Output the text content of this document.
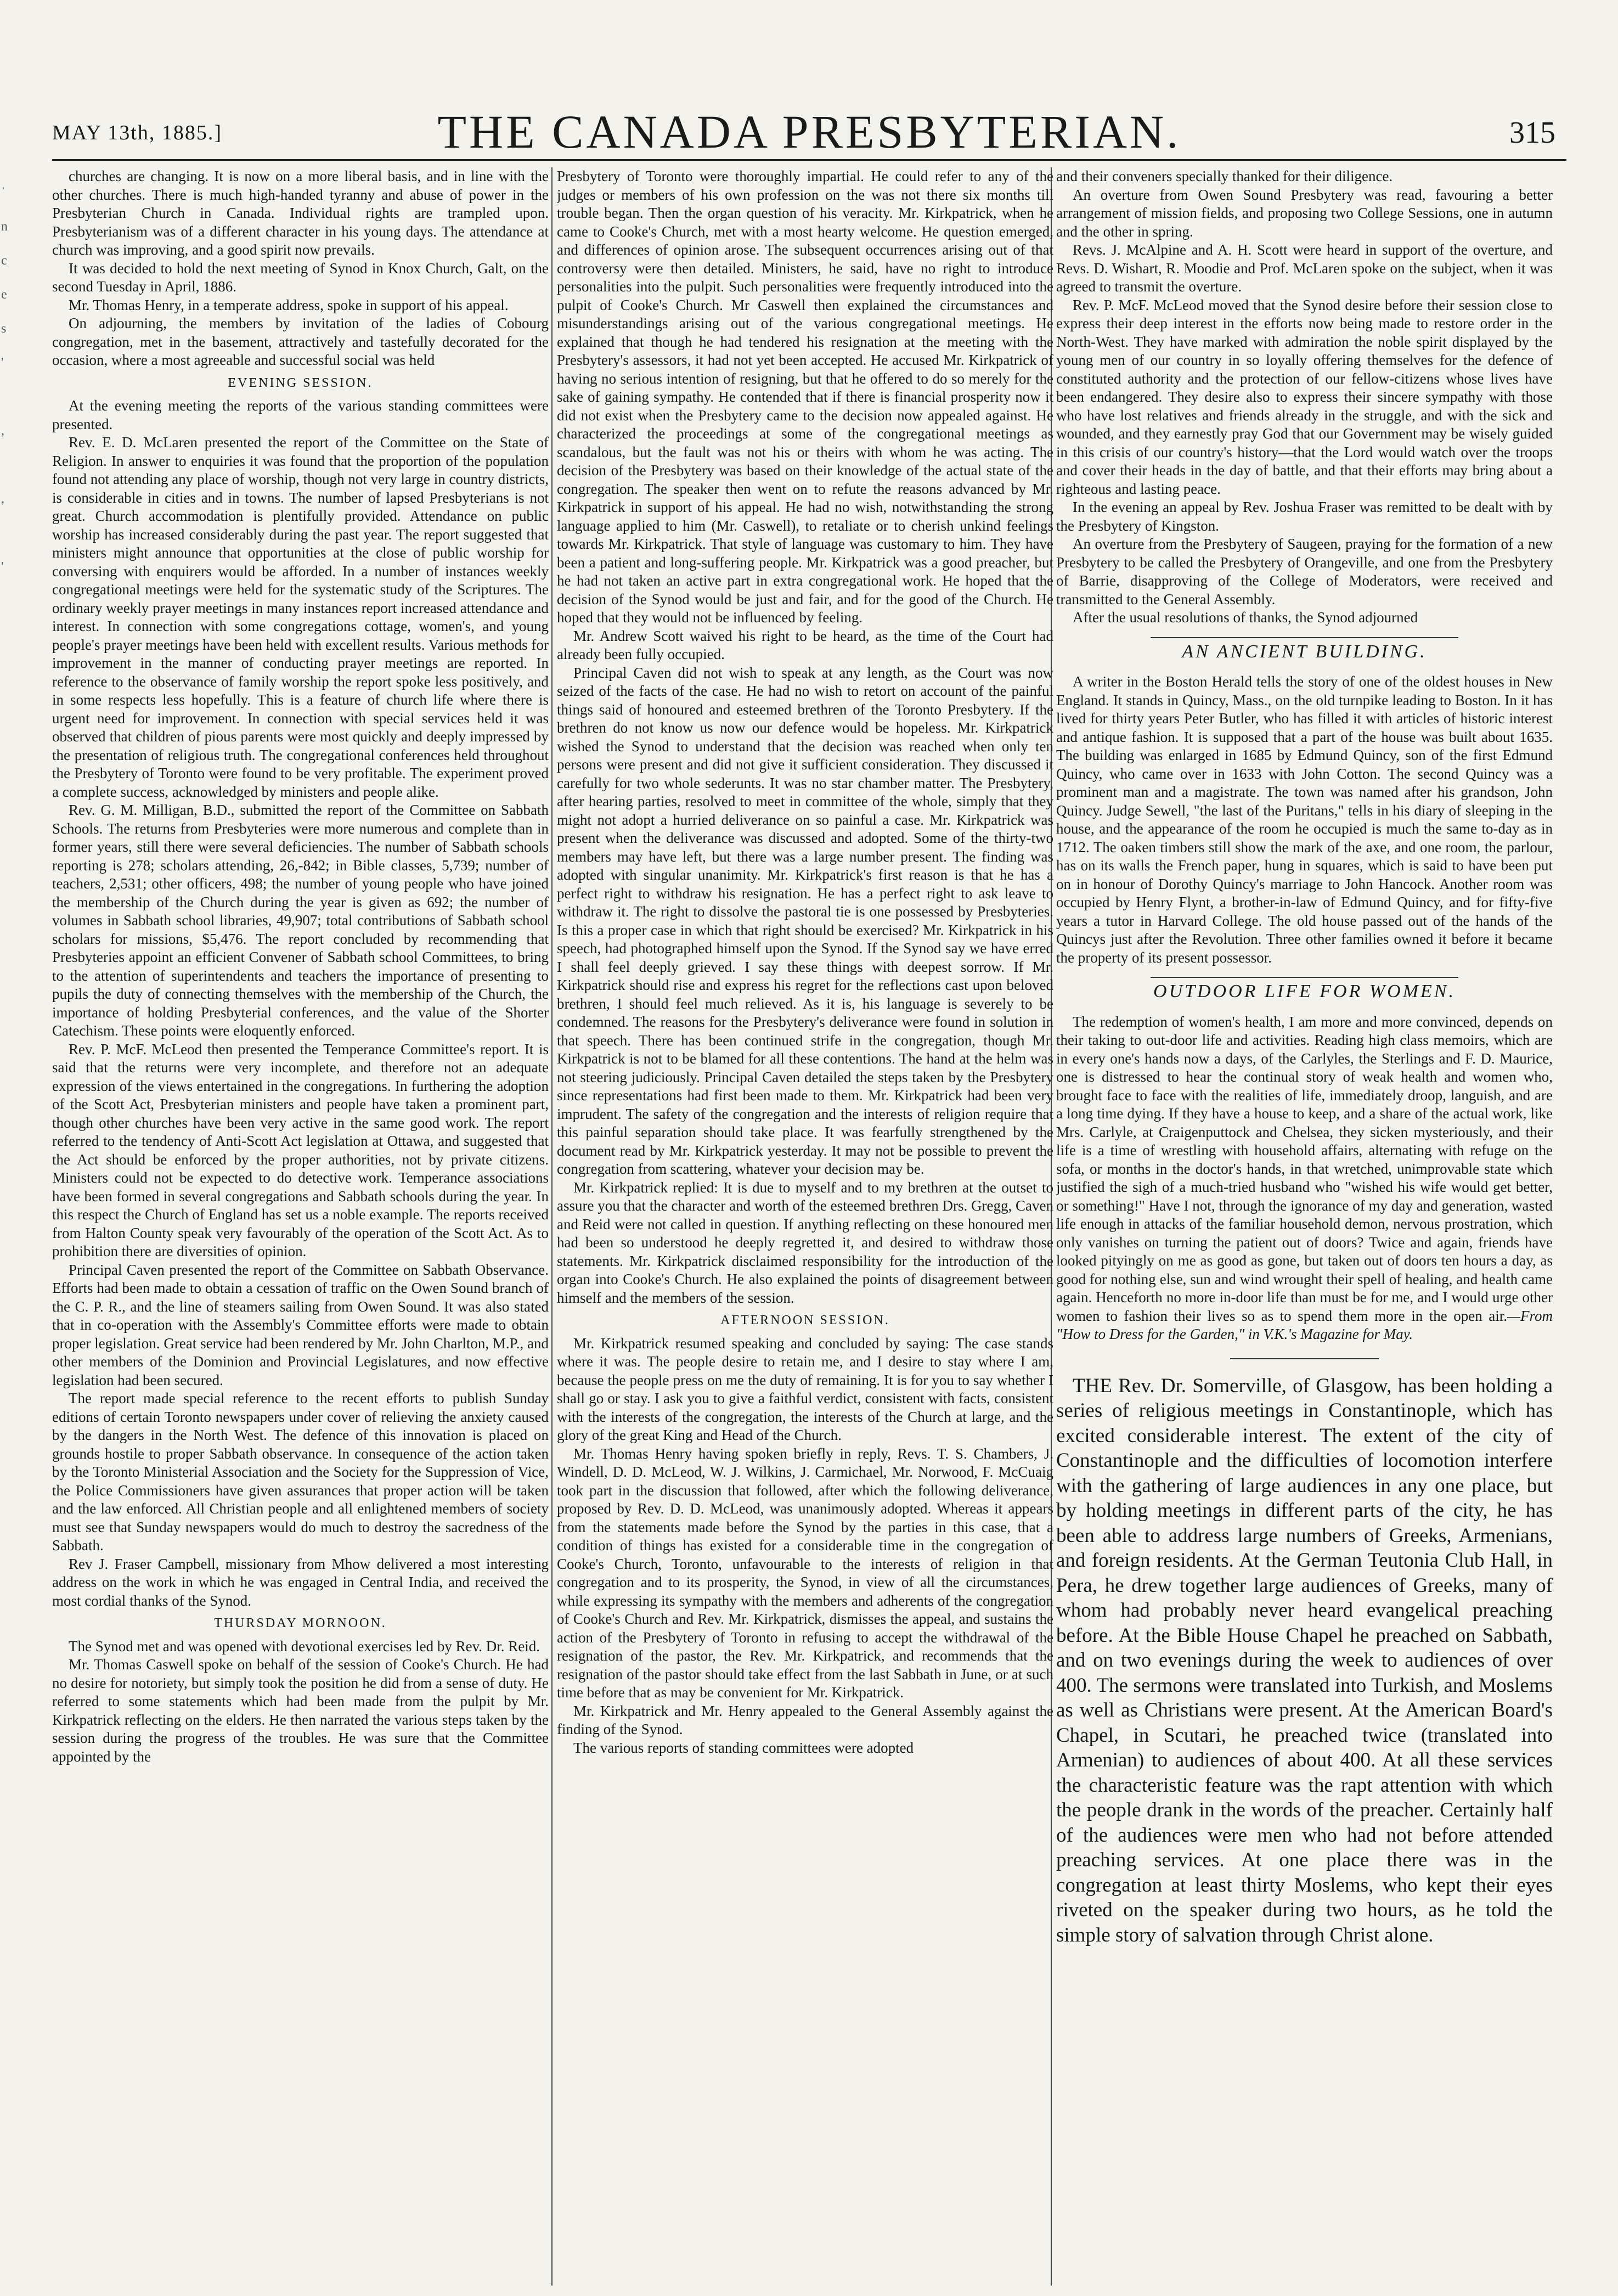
MAY 13th, 1885.]	THE CANADA PRESBYTERIAN.	315
ˈ
n
c
e
s
'

,

,

'

churches are changing. It is now on a more liberal basis, and in line with the other churches. There is much high-handed tyranny and abuse of power in the Presbyterian Church in Canada. Individual rights are trampled upon. Presbyterianism was of a different character in his young days. The attendance at church was improving, and a good spirit now prevails.

It was decided to hold the next meeting of Synod in Knox Church, Galt, on the second Tuesday in April, 1886.

Mr. Thomas Henry, in a temperate address, spoke in support of his appeal.

On adjourning, the members by invitation of the ladies of Cobourg congregation, met in the basement, attractively and tastefully decorated for the occasion, where a most agreeable and successful social was held

EVENING SESSION.

At the evening meeting the reports of the various standing committees were presented.

Rev. E. D. McLaren presented the report of the Committee on the State of Religion. In answer to enquiries it was found that the proportion of the population found not attending any place of worship, though not very large in country districts, is considerable in cities and in towns. The number of lapsed Presbyterians is not great. Church accommodation is plentifully provided. Attendance on public worship has increased considerably during the past year. The report suggested that ministers might announce that opportunities at the close of public worship for conversing with enquirers would be afforded. In a number of instances weekly congregational meetings were held for the systematic study of the Scriptures. The ordinary weekly prayer meetings in many instances report increased attendance and interest. In connection with some congregations cottage, women's, and young people's prayer meetings have been held with excellent results. Various methods for improvement in the manner of conducting prayer meetings are reported. In reference to the observance of family worship the report spoke less positively, and in some respects less hopefully. This is a feature of church life where there is urgent need for improvement. In connection with special services held it was observed that children of pious parents were most quickly and deeply impressed by the presentation of religious truth. The congregational conferences held throughout the Presbytery of Toronto were found to be very profitable. The experiment proved a complete success, acknowledged by ministers and people alike.

Rev. G. M. Milligan, B.D., submitted the report of the Committee on Sabbath Schools. The returns from Presbyteries were more numerous and complete than in former years, still there were several deficiencies. The number of Sabbath schools reporting is 278; scholars attending, 26,-842; in Bible classes, 5,739; number of teachers, 2,531; other officers, 498; the number of young people who have joined the membership of the Church during the year is given as 692; the number of volumes in Sabbath school libraries, 49,907; total contributions of Sabbath school scholars for missions, $5,476. The report concluded by recommending that Presbyteries appoint an efficient Convener of Sabbath school Committees, to bring to the attention of superintendents and teachers the importance of presenting to pupils the duty of connecting themselves with the membership of the Church, the importance of holding Presbyterial conferences, and the value of the Shorter Catechism. These points were eloquently enforced.

Rev. P. McF. McLeod then presented the Temperance Committee's report. It is said that the returns were very incomplete, and therefore not an adequate expression of the views entertained in the congregations. In furthering the adoption of the Scott Act, Presbyterian ministers and people have taken a prominent part, though other churches have been very active in the same good work. The report referred to the tendency of Anti-Scott Act legislation at Ottawa, and suggested that the Act should be enforced by the proper authorities, not by private citizens. Ministers could not be expected to do detective work. Temperance associations have been formed in several congregations and Sabbath schools during the year. In this respect the Church of England has set us a noble example. The reports received from Halton County speak very favourably of the operation of the Scott Act. As to prohibition there are diversities of opinion.

Principal Caven presented the report of the Committee on Sabbath Observance. Efforts had been made to obtain a cessation of traffic on the Owen Sound branch of the C. P. R., and the line of steamers sailing from Owen Sound. It was also stated that in co-operation with the Assembly's Committee efforts were made to obtain proper legislation. Great service had been rendered by Mr. John Charlton, M.P., and other members of the Dominion and Provincial Legislatures, and now effective legislation had been secured.

The report made special reference to the recent efforts to publish Sunday editions of certain Toronto newspapers under cover of relieving the anxiety caused by the dangers in the North West. The defence of this innovation is placed on grounds hostile to proper Sabbath observance. In consequence of the action taken by the Toronto Ministerial Association and the Society for the Suppression of Vice, the Police Commissioners have given assurances that proper action will be taken and the law enforced. All Christian people and all enlightened members of society must see that Sunday newspapers would do much to destroy the sacredness of the Sabbath.

Rev J. Fraser Campbell, missionary from Mhow delivered a most interesting address on the work in which he was engaged in Central India, and received the most cordial thanks of the Synod.

THURSDAY MORNOON.

The Synod met and was opened with devotional exercises led by Rev. Dr. Reid.

Mr. Thomas Caswell spoke on behalf of the session of Cooke's Church. He had no desire for notoriety, but simply took the position he did from a sense of duty. He referred to some statements which had been made from the pulpit by Mr. Kirkpatrick reflecting on the elders. He then narrated the various steps taken by the session during the progress of the troubles. He was sure that the Committee appointed by the

Presbytery of Toronto were thoroughly impartial. He could refer to any of the judges or members of his own profession on the was not there six months till trouble began. Then the organ question of his veracity. Mr. Kirkpatrick, when he came to Cooke's Church, met with a most hearty welcome. He question emerged, and differences of opinion arose. The subsequent occurrences arising out of that controversy were then detailed. Ministers, he said, have no right to introduce personalities into the pulpit. Such personalities were frequently introduced into the pulpit of Cooke's Church. Mr Caswell then explained the circumstances and misunderstandings arising out of the various congregational meetings. He explained that though he had tendered his resignation at the meeting with the Presbytery's assessors, it had not yet been accepted. He accused Mr. Kirkpatrick of having no serious intention of resigning, but that he offered to do so merely for the sake of gaining sympathy. He contended that if there is financial prosperity now it did not exist when the Presbytery came to the decision now appealed against. He characterized the proceedings at some of the congregational meetings as scandalous, but the fault was not his or theirs with whom he was acting. The decision of the Presbytery was based on their knowledge of the actual state of the congregation. The speaker then went on to refute the reasons advanced by Mr. Kirkpatrick in support of his appeal. He had no wish, notwithstanding the strong language applied to him (Mr. Caswell), to retaliate or to cherish unkind feelings towards Mr. Kirkpatrick. That style of language was customary to him. They have been a patient and long-suffering people. Mr. Kirkpatrick was a good preacher, but he had not taken an active part in extra congregational work. He hoped that the decision of the Synod would be just and fair, and for the good of the Church. He hoped that they would not be influenced by feeling.

Mr. Andrew Scott waived his right to be heard, as the time of the Court had already been fully occupied.

Principal Caven did not wish to speak at any length, as the Court was now seized of the facts of the case. He had no wish to retort on account of the painful things said of honoured and esteemed brethren of the Toronto Presbytery. If the brethren do not know us now our defence would be hopeless. Mr. Kirkpatrick wished the Synod to understand that the decision was reached when only ten persons were present and did not give it sufficient consideration. They discussed it carefully for two whole sederunts. It was no star chamber matter. The Presbytery, after hearing parties, resolved to meet in committee of the whole, simply that they might not adopt a hurried deliverance on so painful a case. Mr. Kirkpatrick was present when the deliverance was discussed and adopted. Some of the thirty-two members may have left, but there was a large number present. The finding was adopted with singular unanimity. Mr. Kirkpatrick's first reason is that he has a perfect right to withdraw his resignation. He has a perfect right to ask leave to withdraw it. The right to dissolve the pastoral tie is one possessed by Presbyteries. Is this a proper case in which that right should be exercised? Mr. Kirkpatrick in his speech, had photographed himself upon the Synod. If the Synod say we have erred I shall feel deeply grieved. I say these things with deepest sorrow. If Mr. Kirkpatrick should rise and express his regret for the reflections cast upon beloved brethren, I should feel much relieved. As it is, his language is severely to be condemned. The reasons for the Presbytery's deliverance were found in solution in that speech. There has been continued strife in the congregation, though Mr. Kirkpatrick is not to be blamed for all these contentions. The hand at the helm was not steering judiciously. Principal Caven detailed the steps taken by the Presbytery since representations had first been made to them. Mr. Kirkpatrick had been very imprudent. The safety of the congregation and the interests of religion require that this painful separation should take place. It was fearfully strengthened by the document read by Mr. Kirkpatrick yesterday. It may not be possible to prevent the congregation from scattering, whatever your decision may be.

Mr. Kirkpatrick replied: It is due to myself and to my brethren at the outset to assure you that the character and worth of the esteemed brethren Drs. Gregg, Caven and Reid were not called in question. If anything reflecting on these honoured men had been so understood he deeply regretted it, and desired to withdraw those statements. Mr. Kirkpatrick disclaimed responsibility for the introduction of the organ into Cooke's Church. He also explained the points of disagreement between himself and the members of the session.

AFTERNOON SESSION.

Mr. Kirkpatrick resumed speaking and concluded by saying: The case stands where it was. The people desire to retain me, and I desire to stay where I am, because the people press on me the duty of remaining. It is for you to say whether I shall go or stay. I ask you to give a faithful verdict, consistent with facts, consistent with the interests of the congregation, the interests of the Church at large, and the glory of the great King and Head of the Church.

Mr. Thomas Henry having spoken briefly in reply, Revs. T. S. Chambers, J. Windell, D. D. McLeod, W. J. Wilkins, J. Carmichael, Mr. Norwood, F. McCuaig took part in the discussion that followed, after which the following deliverance, proposed by Rev. D. D. McLeod, was unanimously adopted. Whereas it appears from the statements made before the Synod by the parties in this case, that a condition of things has existed for a considerable time in the congregation of Cooke's Church, Toronto, unfavourable to the interests of religion in that congregation and to its prosperity, the Synod, in view of all the circumstances, while expressing its sympathy with the members and adherents of the congregation of Cooke's Church and Rev. Mr. Kirkpatrick, dismisses the appeal, and sustains the action of the Presbytery of Toronto in refusing to accept the withdrawal of the resignation of the pastor, the Rev. Mr. Kirkpatrick, and recommends that the resignation of the pastor should take effect from the last Sabbath in June, or at such time before that as may be convenient for Mr. Kirkpatrick.

Mr. Kirkpatrick and Mr. Henry appealed to the General Assembly against the finding of the Synod.

The various reports of standing committees were adopted

and their conveners specially thanked for their diligence.

An overture from Owen Sound Presbytery was read, favouring a better arrangement of mission fields, and proposing two College Sessions, one in autumn and the other in spring.

Revs. J. McAlpine and A. H. Scott were heard in support of the overture, and Revs. D. Wishart, R. Moodie and Prof. McLaren spoke on the subject, when it was agreed to transmit the overture.

Rev. P. McF. McLeod moved that the Synod desire before their session close to express their deep interest in the efforts now being made to restore order in the North-West. They have marked with admiration the noble spirit displayed by the young men of our country in so loyally offering themselves for the defence of constituted authority and the protection of our fellow-citizens whose lives have been endangered. They desire also to express their sincere sympathy with those who have lost relatives and friends already in the struggle, and with the sick and wounded, and they earnestly pray God that our Government may be wisely guided in this crisis of our country's history—that the Lord would watch over the troops and cover their heads in the day of battle, and that their efforts may bring about a righteous and lasting peace.

In the evening an appeal by Rev. Joshua Fraser was remitted to be dealt with by the Presbytery of Kingston.

An overture from the Presbytery of Saugeen, praying for the formation of a new Presbytery to be called the Presbytery of Orangeville, and one from the Presbytery of Barrie, disapproving of the College of Moderators, were received and transmitted to the General Assembly.

After the usual resolutions of thanks, the Synod adjourned

AN ANCIENT BUILDING.

A writer in the Boston Herald tells the story of one of the oldest houses in New England. It stands in Quincy, Mass., on the old turnpike leading to Boston. In it has lived for thirty years Peter Butler, who has filled it with articles of historic interest and antique fashion. It is supposed that a part of the house was built about 1635. The building was enlarged in 1685 by Edmund Quincy, son of the first Edmund Quincy, who came over in 1633 with John Cotton. The second Quincy was a prominent man and a magistrate. The town was named after his grandson, John Quincy. Judge Sewell, "the last of the Puritans," tells in his diary of sleeping in the house, and the appearance of the room he occupied is much the same to-day as in 1712. The oaken timbers still show the mark of the axe, and one room, the parlour, has on its walls the French paper, hung in squares, which is said to have been put on in honour of Dorothy Quincy's marriage to John Hancock. Another room was occupied by Henry Flynt, a brother-in-law of Edmund Quincy, and for fifty-five years a tutor in Harvard College. The old house passed out of the hands of the Quincys just after the Revolution. Three other families owned it before it became the property of its present possessor.

OUTDOOR LIFE FOR WOMEN.

The redemption of women's health, I am more and more convinced, depends on their taking to out-door life and activities. Reading high class memoirs, which are in every one's hands now a days, of the Carlyles, the Sterlings and F. D. Maurice, one is distressed to hear the continual story of weak health and women who, brought face to face with the realities of life, immediately droop, languish, and are a long time dying. If they have a house to keep, and a share of the actual work, like Mrs. Carlyle, at Craigenputtock and Chelsea, they sicken mysteriously, and their life is a time of wrestling with household affairs, alternating with refuge on the sofa, or months in the doctor's hands, in that wretched, unimprovable state which justified the sigh of a much-tried husband who "wished his wife would get better, or something!" Have I not, through the ignorance of my day and generation, wasted life enough in attacks of the familiar household demon, nervous prostration, which only vanishes on turning the patient out of doors? Twice and again, friends have looked pityingly on me as good as gone, but taken out of doors ten hours a day, as good for nothing else, sun and wind wrought their spell of healing, and health came again. Henceforth no more in-door life than must be for me, and I would urge other women to fashion their lives so as to spend them more in the open air.—From "How to Dress for the Garden," in V.K.'s Magazine for May.

THE Rev. Dr. Somerville, of Glasgow, has been holding a series of religious meetings in Constantinople, which has excited considerable interest. The extent of the city of Constantinople and the difficulties of locomotion interfere with the gathering of large audiences in any one place, but by holding meetings in different parts of the city, he has been able to address large numbers of Greeks, Armenians, and foreign residents. At the German Teutonia Club Hall, in Pera, he drew together large audiences of Greeks, many of whom had probably never heard evangelical preaching before. At the Bible House Chapel he preached on Sabbath, and on two evenings during the week to audiences of over 400. The sermons were translated into Turkish, and Moslems as well as Christians were present. At the American Board's Chapel, in Scutari, he preached twice (translated into Armenian) to audiences of about 400. At all these services the characteristic feature was the rapt attention with which the people drank in the words of the preacher. Certainly half of the audiences were men who had not before attended preaching services. At one place there was in the congregation at least thirty Moslems, who kept their eyes riveted on the speaker during two hours, as he told the simple story of salvation through Christ alone.
